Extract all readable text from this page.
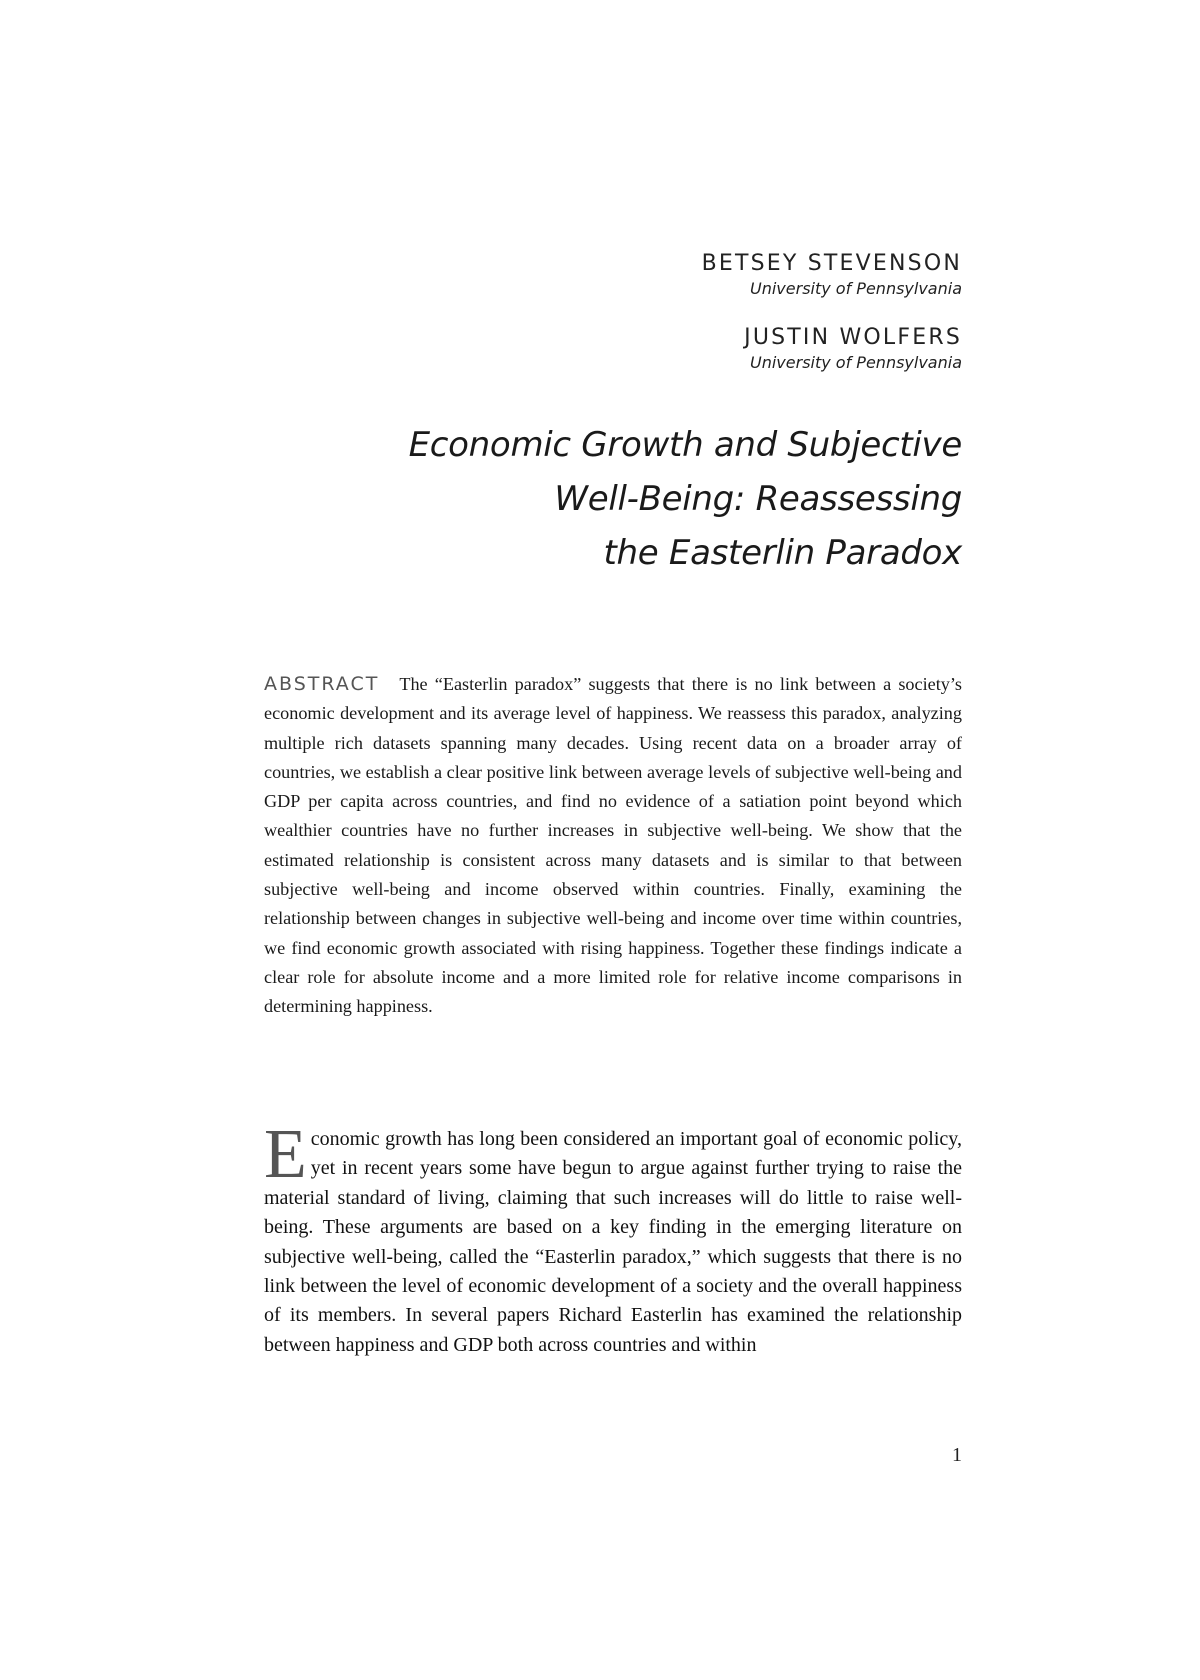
BETSEY STEVENSON
University of Pennsylvania
JUSTIN WOLFERS
University of Pennsylvania
Economic Growth and Subjective
Well-Being: Reassessing
the Easterlin Paradox
ABSTRACT The “Easterlin paradox” suggests that there is no link between a society’s economic development and its average level of happiness. We reassess this paradox, analyzing multiple rich datasets spanning many decades. Using recent data on a broader array of countries, we establish a clear positive link between average levels of subjective well-being and GDP per capita across countries, and find no evidence of a satiation point beyond which wealthier countries have no further increases in subjective well-being. We show that the estimated relationship is consistent across many datasets and is similar to that between subjective well-being and income observed within countries. Finally, examining the relationship between changes in subjective well-being and income over time within countries, we find economic growth associated with rising happiness. Together these findings indicate a clear role for absolute income and a more limited role for relative income comparisons in determining happiness.
Economic growth has long been considered an important goal of economic policy, yet in recent years some have begun to argue against further trying to raise the material standard of living, claiming that such increases will do little to raise well-being. These arguments are based on a key finding in the emerging literature on subjective well-being, called the “Easterlin paradox,” which suggests that there is no link between the level of economic development of a society and the overall happiness of its members. In several papers Richard Easterlin has examined the relationship between happiness and GDP both across countries and within
1
